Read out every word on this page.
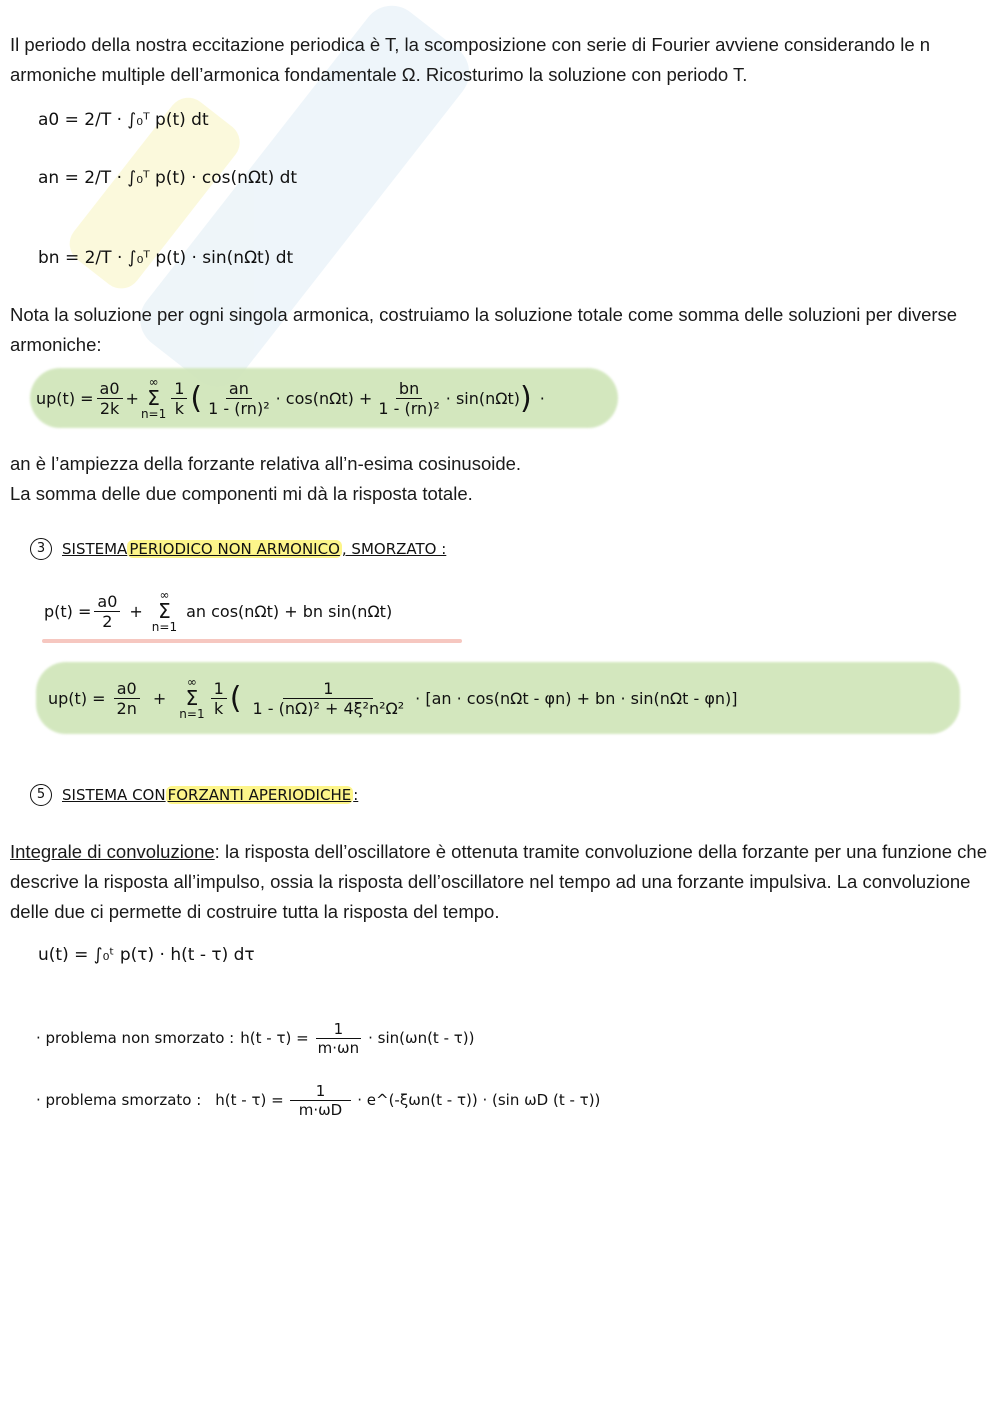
Il periodo della nostra eccitazione periodica è T, la scomposizione con serie di Fourier avviene considerando le n armoniche multiple dell’armonica fondamentale Ω. Ricosturimo la soluzione con periodo T.

a0 = 2/T · ∫₀ᵀ p(t) dt
an = 2/T · ∫₀ᵀ p(t) · cos(nΩt) dt
bn = 2/T · ∫₀ᵀ p(t) · sin(nΩt) dt

Nota la soluzione per ogni singola armonica, costruiamo la soluzione totale come somma delle soluzioni per diverse armoniche:

$up(t) = \frac{a0}{2k}$ +
∞
Σ
$n=1 \frac{1}{k}$ ( $\frac{an}{\text{1 - (rn)²}} \cdot \cos(n\Omega t) + \frac{bn}{\text{1 - (rn)²}} \cdot \sin(n\Omega t)$ ) ·

an è l’ampiezza della forzante relativa all’n-esima cosinusoide.

La somma delle due componenti mi dà la risposta totale.

3	SISTEMA PERIODICO NON ARMONICO , SMORZATO :
$p(t) = \frac{a0}{2}$ +
∞
Σ
n=1
an cos(nΩt) + bn sin(nΩt)
$up(t) = \frac{a0}{2n}$ +
∞
Σ
$n=1 \frac{1}{k}$ ( $\frac{1}{\text{1 - (nΩ)² + 4ξ²n²Ω²}} \cdot [an \cdot \cos(n\Omega t - \varphi n)$ + bn · sin(nΩt - φn)]
5	SISTEMA CON FORZANTI APERIODICHE :

Integrale di convoluzione: la risposta dell’oscillatore è ottenuta tramite convoluzione della forzante per una funzione che descrive la risposta all’impulso, ossia la risposta dell’oscillatore nel tempo ad una forzante impulsiva. La convoluzione delle due ci permette di costruire tutta la risposta del tempo.

u(t) = ∫₀ᵗ p(τ) · h(t - τ) dτ
· problema non smorzato : $h(t - \tau) = \frac{1}{m\cdot\omega n} \cdot \sin(\omega n(t - \tau))$
· problema smorzato : $h(t - \tau) = \frac{1}{m\cdot\omega D}$ · e^(-ξωn(t - τ)) · (sin ωD (t - τ))
